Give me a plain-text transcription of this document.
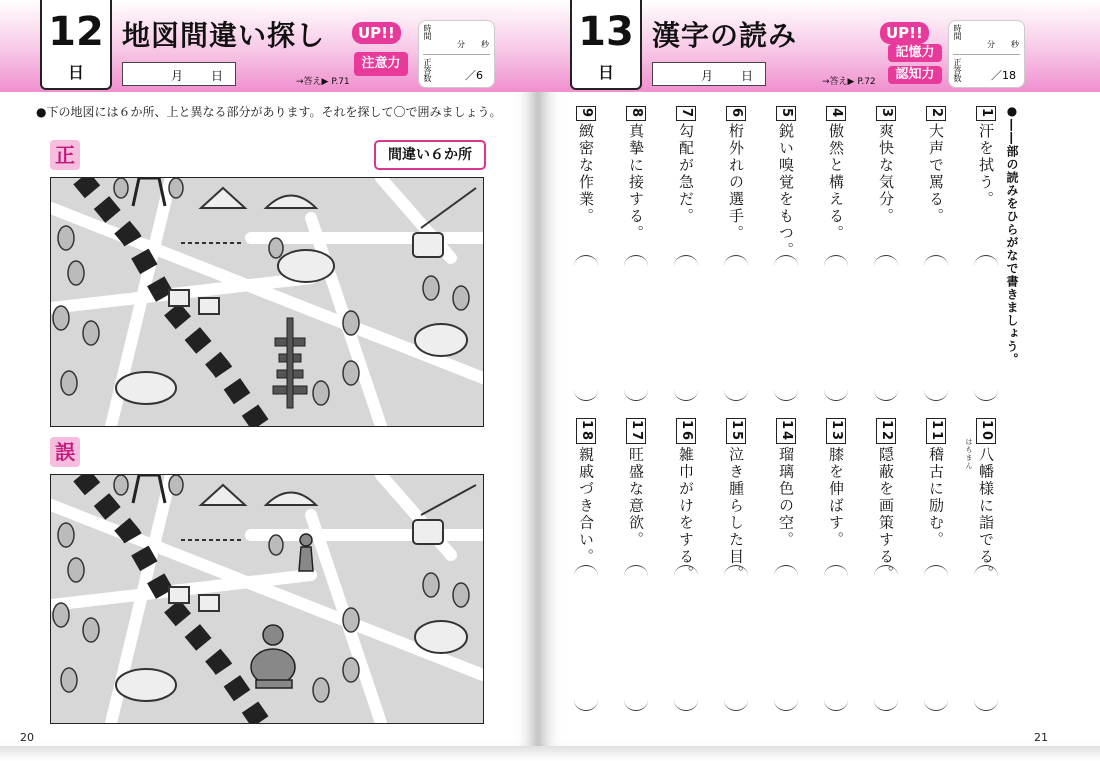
12
日
地図間違い探し
月 日	→答え▶ P.71
UP!!
注意力
時間
分 秒
正答数	／6
●下の地図には６か所、上と異なる部分があります。それを探して〇で囲みましょう。
正	間違い６か所
誤
20
13
日
漢字の読み
月 日	→答え▶ P.72
UP!!
記憶力
認知力
時間
分 秒
正答数	／18
●――部の読みをひらがなで書きましょう。
1汗を拭う。
2大声で罵る。
3爽快な気分。
4傲然と構える。
5鋭い嗅覚をもつ。
6桁外れの選手。
7勾配が急だ。
8真摯に接する。
9緻密な作業。
10八幡様に詣でる。
はちまん
11稽古に励む。
12隠蔽を画策する。
13膝を伸ばす。
14瑠璃色の空。
15泣き腫らした目。
16雑巾がけをする。
17旺盛な意欲。
18親戚づき合い。
21
